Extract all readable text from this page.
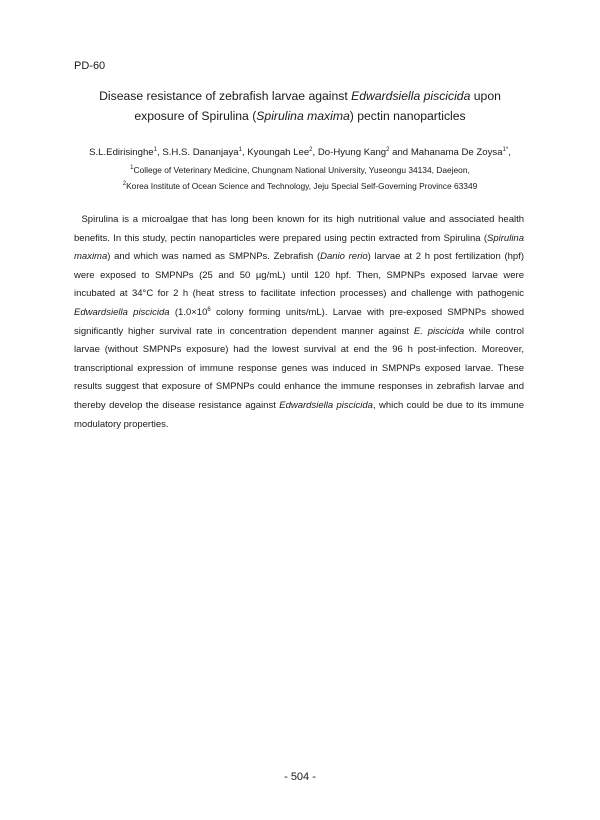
PD-60
Disease resistance of zebrafish larvae against Edwardsiella piscicida upon
exposure of Spirulina (Spirulina maxima) pectin nanoparticles
S.L.Edirisinghe$^1$, S.H.S. Dananjaya$^1$, Kyoungah Lee$^2$, Do-Hyung Kang$^2$ and Mahanama De Zoysa$^{1*}$,
$^1$College of Veterinary Medicine, Chungnam National University, Yuseongu 34134, Daejeon,
$^2$Korea Institute of Ocean Science and Technology, Jeju Special Self-Governing Province 63349

Spirulina is a microalgae that has long been known for its high nutritional value and associated health benefits. In this study, pectin nanoparticles were prepared using pectin extracted from Spirulina (Spirulina maxima) and which was named as SMPNPs. Zebrafish (Danio rerio) larvae at 2 h post fertilization (hpf) were exposed to SMPNPs (25 and 50 µg/mL) until 120 hpf. Then, SMPNPs exposed larvae were incubated at 34°C for 2 h (heat stress to facilitate infection processes) and challenge with pathogenic Edwardsiella piscicida ($1.0\times 10^6$ colony forming units/mL). Larvae with pre-exposed SMPNPs showed significantly higher survival rate in concentration dependent manner against E. piscicida while control larvae (without SMPNPs exposure) had the lowest survival at end the 96 h post-infection. Moreover, transcriptional expression of immune response genes was induced in SMPNPs exposed larvae. These results suggest that exposure of SMPNPs could enhance the immune responses in zebrafish larvae and thereby develop the disease resistance against Edwardsiella piscicida, which could be due to its immune modulatory properties.

- 504 -
